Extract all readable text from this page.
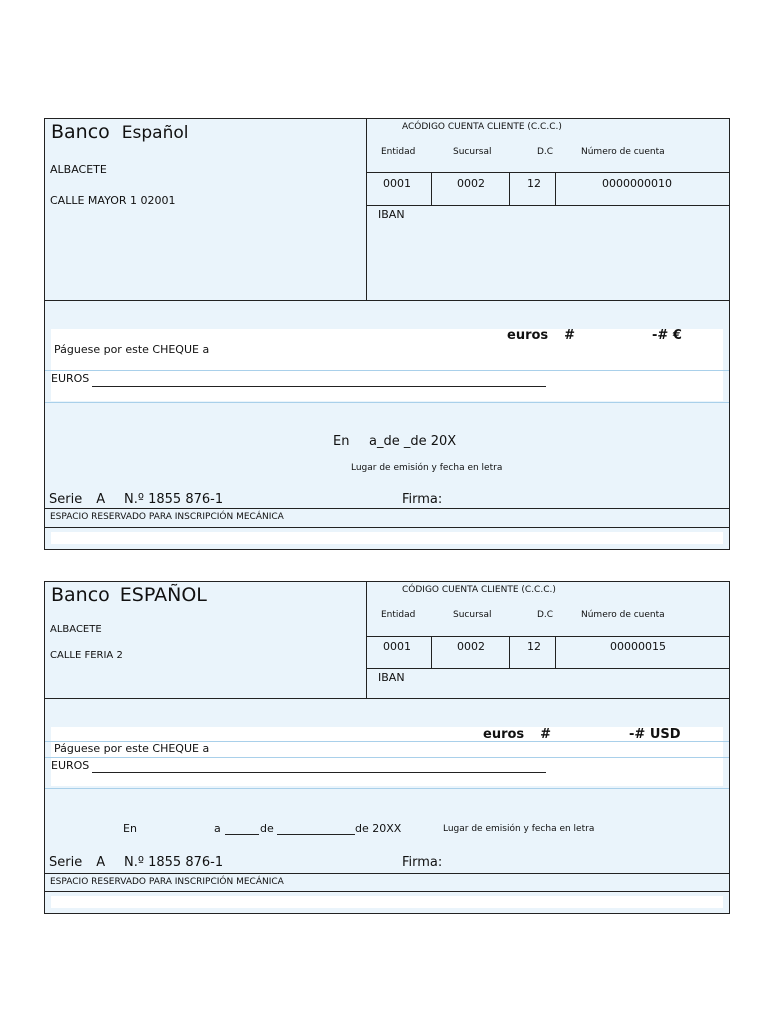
Banco Español
ALBACETE
CALLE MAYOR 1 02001
ACÓDIGO CUENTA CLIENTE (C.C.C.)
Entidad	Sucursal	D.C	Número de cuenta
0001	0002	12	0000000010
IBAN
euros #	-# €
Páguese por este CHEQUE a
EUROS
En a_de _de 20X
Lugar de emisión y fecha en letra
Serie A N.º 1855 876-1	Firma:
ESPACIO RESERVADO PARA INSCRIPCIÓN MECÁNICA
Banco ESPAÑOL
ALBACETE
CALLE FERIA 2
CÓDIGO CUENTA CLIENTE (C.C.C.)
Entidad	Sucursal	D.C	Número de cuenta
0001	0002	12	00000015
IBAN
euros #	-# USD
Páguese por este CHEQUE a
EUROS
En	a	de	de 20XX	Lugar de emisión y fecha en letra
Serie A N.º 1855 876-1	Firma:
ESPACIO RESERVADO PARA INSCRIPCIÓN MECÁNICA
